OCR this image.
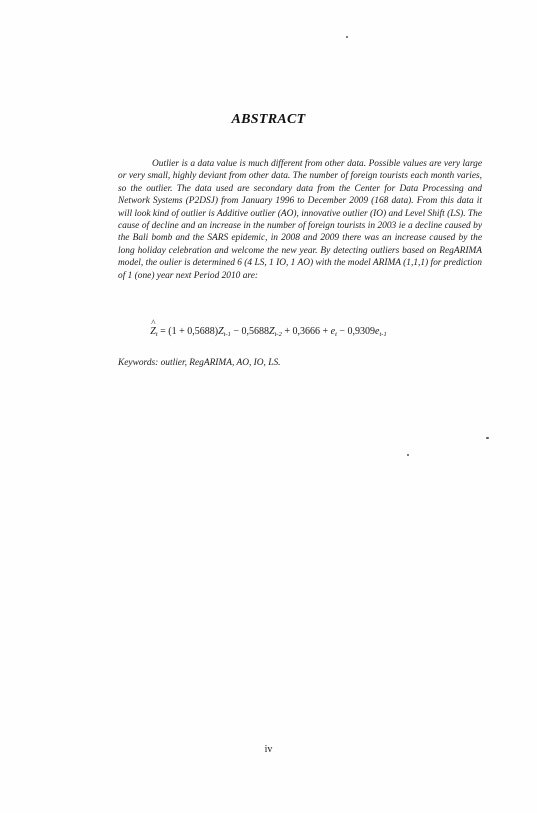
ABSTRACT

Outlier is a data value is much different from other data. Possible values are very large or very small, highly deviant from other data. The number of foreign tourists each month varies, so the outlier. The data used are secondary data from the Center for Data Processing and Network Systems (P2DSJ) from January 1996 to December 2009 (168 data). From this data it will look kind of outlier is Additive outlier (AO), innovative outlier (IO) and Level Shift (LS). The cause of decline and an increase in the number of foreign tourists in 2003 ie a decline caused by the Bali bomb and the SARS epidemic, in 2008 and 2009 there was an increase caused by the long holiday celebration and welcome the new year. By detecting outliers based on RegARIMA model, the oulier is determined 6 (4 LS, 1 IO, 1 AO) with the model ARIMA (1,1,1) for prediction of 1 (one) year next Period 2010 are:

^ $Z_t = (1 + 0,5688)Z_{t-1} - 0,5688Z_{t-2} + 0,3666 + e_t - 0,9309e_{t-1}$

Keywords: outlier, RegARIMA, AO, IO, LS.

iv
